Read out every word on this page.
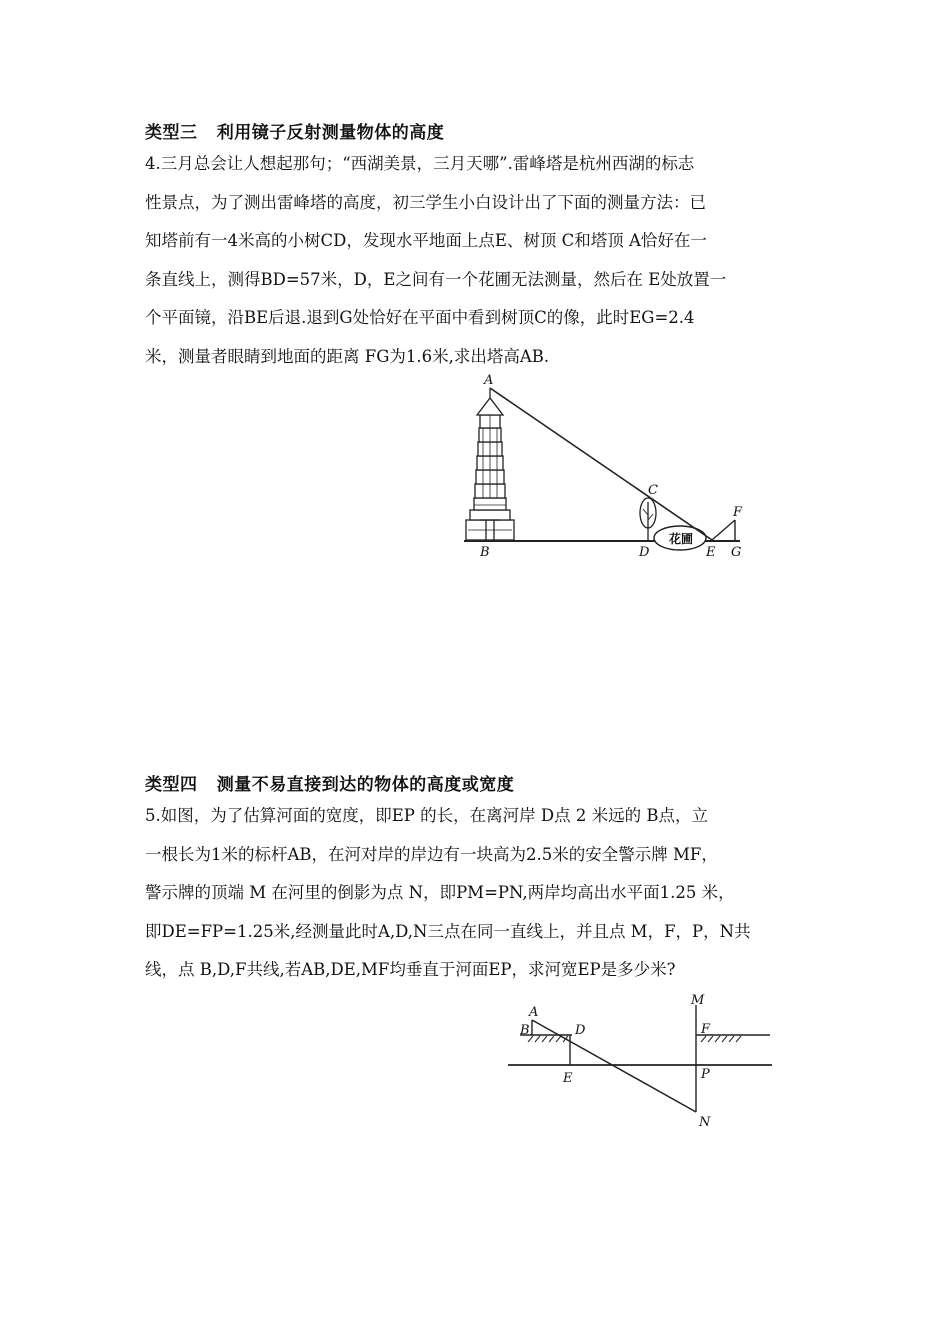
类型三   利用镜子反射测量物体的高度
4.三月总会让人想起那句；“西湖美景，三月天哪”.雷峰塔是杭州西湖的标志
性景点，为了测出雷峰塔的高度，初三学生小白设计出了下面的测量方法：已
知塔前有一4米高的小树CD，发现水平地面上点E、树顶 C和塔顶 A恰好在一
条直线上，测得BD=57米，D，E之间有一个花圃无法测量，然后在 E处放置一
个平面镜，沿BE后退.退到G处恰好在平面中看到树顶C的像，此时EG=2.4
米，测量者眼睛到地面的距离 FG为1.6米,求出塔高AB.
花圃
A
B
C
D	E
F
G
类型四   测量不易直接到达的物体的高度或宽度
5.如图，为了估算河面的宽度，即EP 的长，在离河岸 D点 2 米远的 B点，立
一根长为1米的标杆AB，在河对岸的岸边有一块高为2.5米的安全警示牌 MF，
警示牌的顶端 M 在河里的倒影为点 N，即PM=PN,两岸均高出水平面1.25 米，
即DE=FP=1.25米,经测量此时A,D,N三点在同一直线上，并且点 M，F，P，N共
线，点 B,D,F共线,若AB,DE,MF均垂直于河面EP，求河宽EP是多少米?
A
B	D
E
M
F
P
N
